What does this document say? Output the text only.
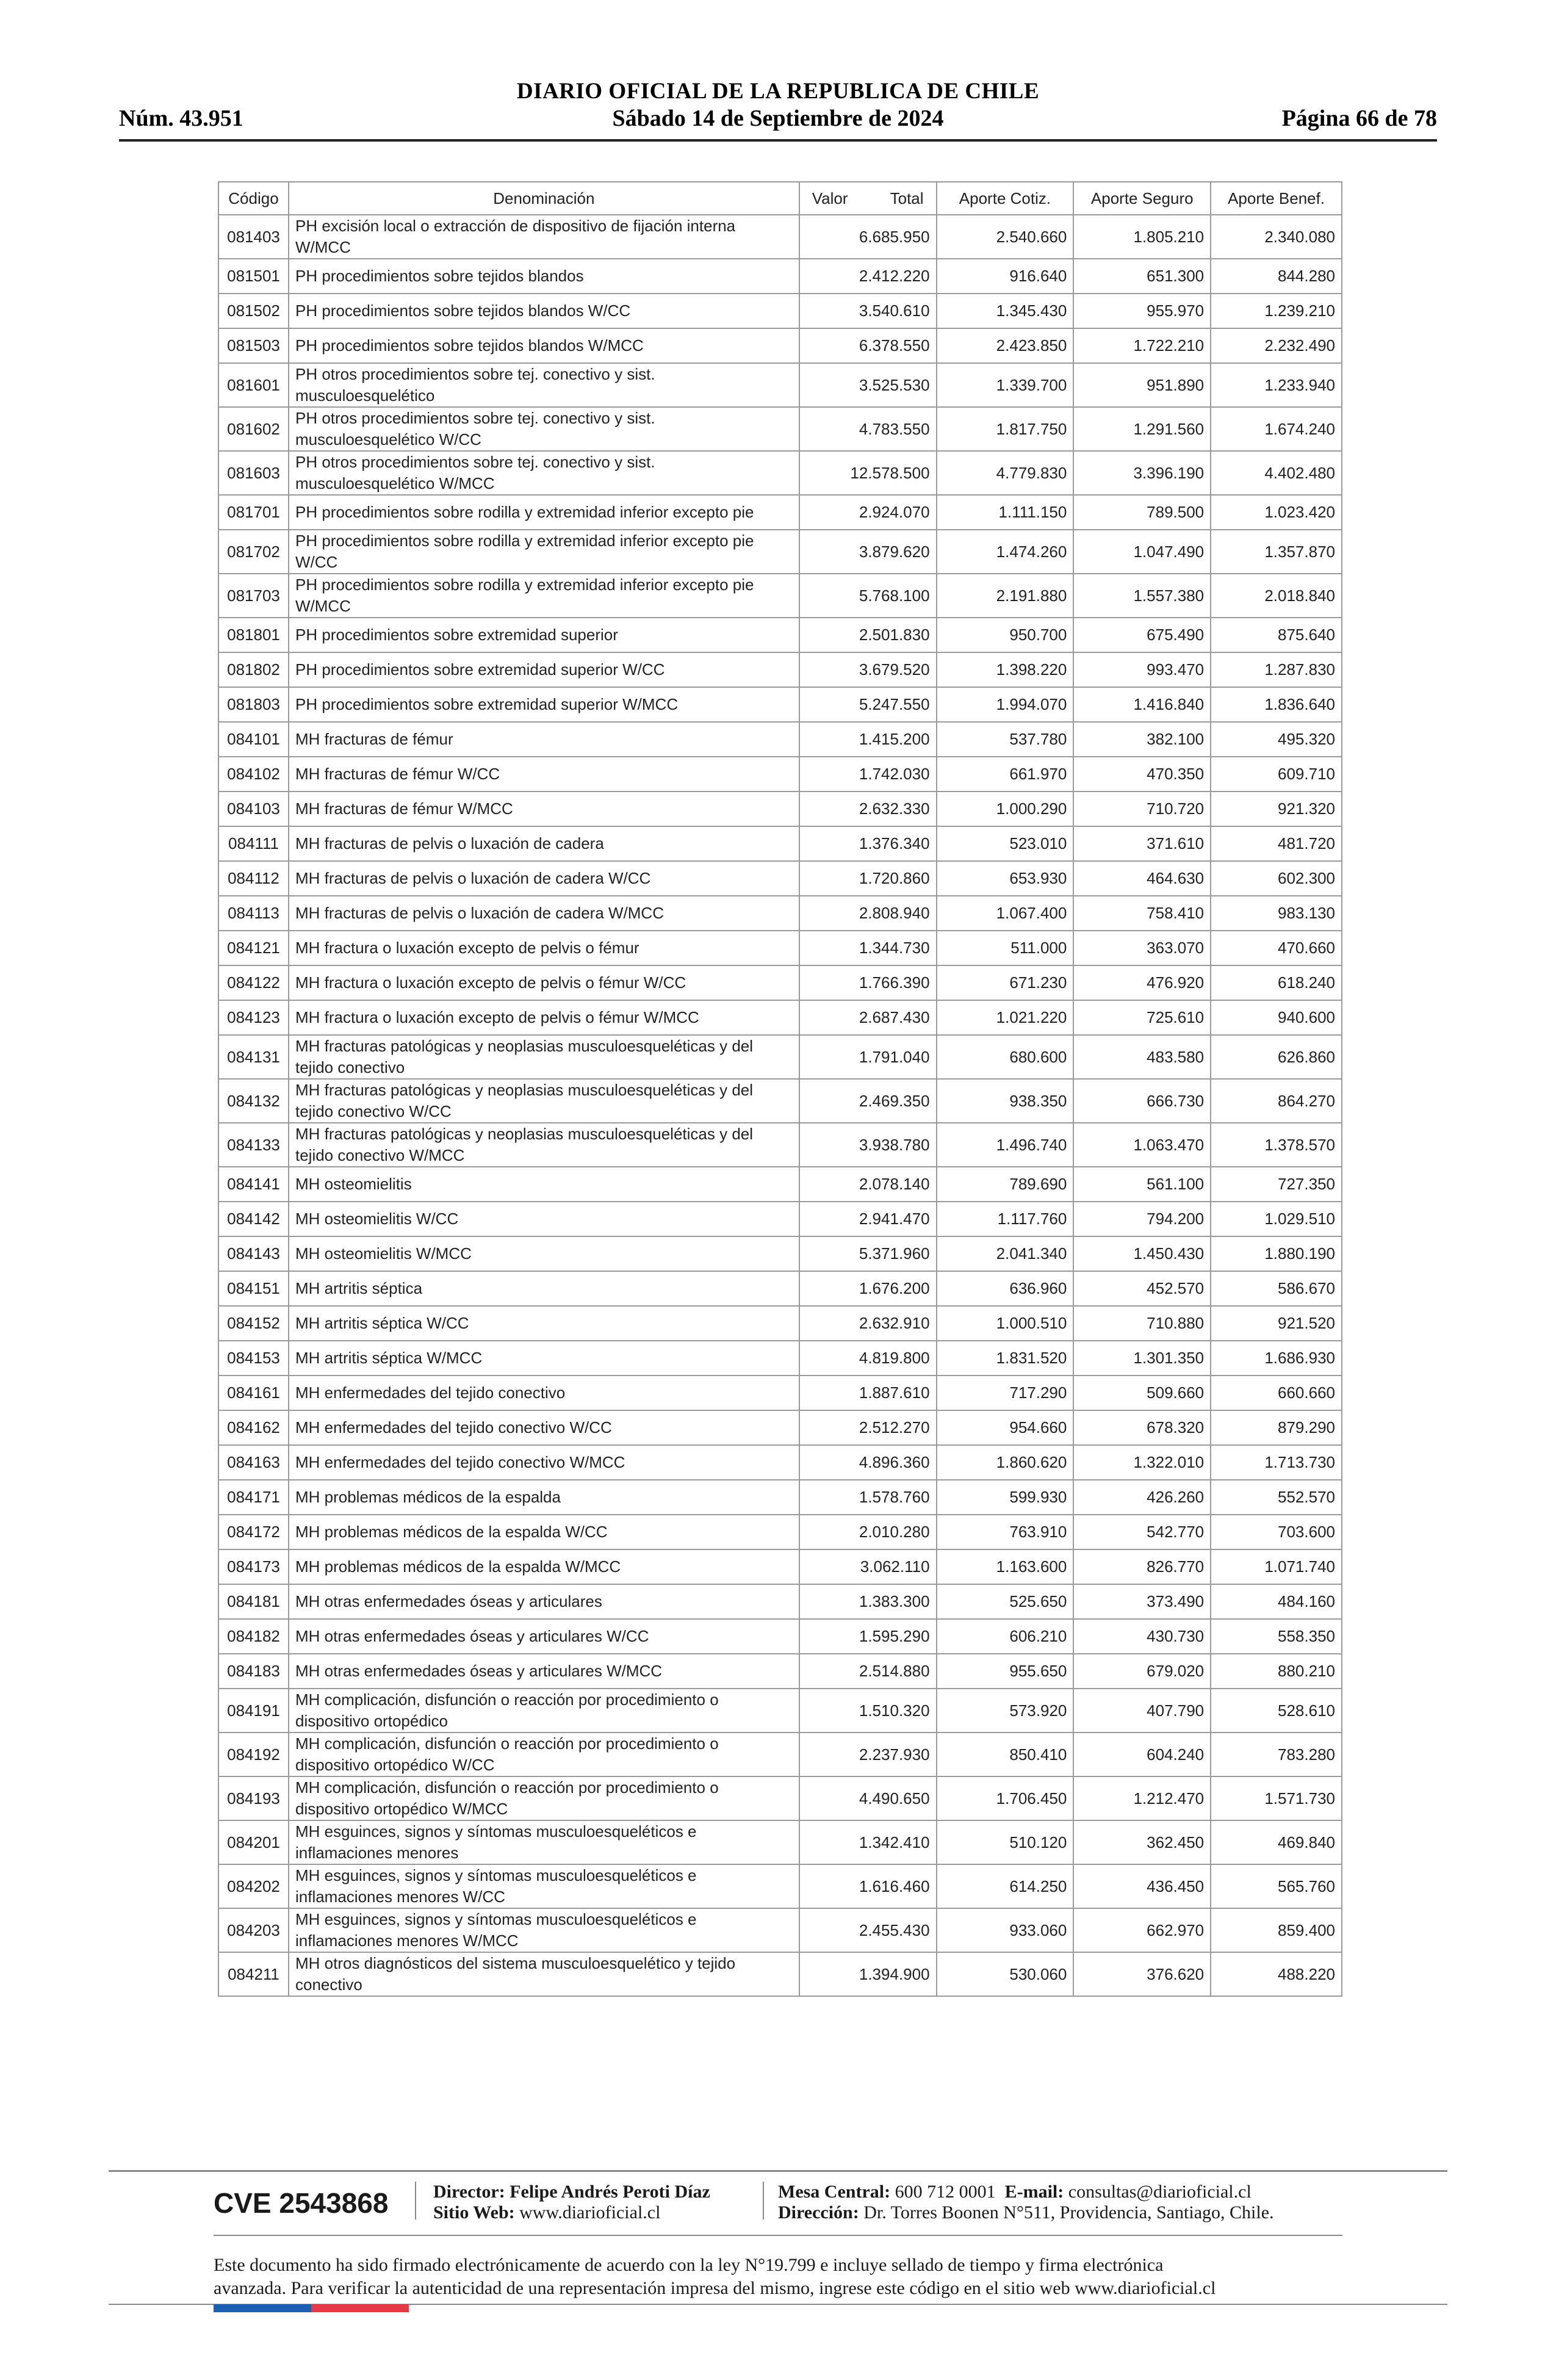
DIARIO OFICIAL DE LA REPUBLICA DE CHILE
Núm. 43.951	Sábado 14 de Septiembre de 2024	Página 66 de 78
Código	Denominación	Valor Total	Aporte Cotiz.	Aporte Seguro	Aporte Benef.
081403	PH excisión local o extracción de dispositivo de fijación interna W/MCC	6.685.950	2.540.660	1.805.210	2.340.080
081501	PH procedimientos sobre tejidos blandos	2.412.220	916.640	651.300	844.280
081502	PH procedimientos sobre tejidos blandos W/CC	3.540.610	1.345.430	955.970	1.239.210
081503	PH procedimientos sobre tejidos blandos W/MCC	6.378.550	2.423.850	1.722.210	2.232.490
081601	PH otros procedimientos sobre tej. conectivo y sist. musculoesquelético	3.525.530	1.339.700	951.890	1.233.940
081602	PH otros procedimientos sobre tej. conectivo y sist. musculoesquelético W/CC	4.783.550	1.817.750	1.291.560	1.674.240
081603	PH otros procedimientos sobre tej. conectivo y sist. musculoesquelético W/MCC	12.578.500	4.779.830	3.396.190	4.402.480
081701	PH procedimientos sobre rodilla y extremidad inferior excepto pie	2.924.070	1.111.150	789.500	1.023.420
081702	PH procedimientos sobre rodilla y extremidad inferior excepto pie W/CC	3.879.620	1.474.260	1.047.490	1.357.870
081703	PH procedimientos sobre rodilla y extremidad inferior excepto pie W/MCC	5.768.100	2.191.880	1.557.380	2.018.840
081801	PH procedimientos sobre extremidad superior	2.501.830	950.700	675.490	875.640
081802	PH procedimientos sobre extremidad superior W/CC	3.679.520	1.398.220	993.470	1.287.830
081803	PH procedimientos sobre extremidad superior W/MCC	5.247.550	1.994.070	1.416.840	1.836.640
084101	MH fracturas de fémur	1.415.200	537.780	382.100	495.320
084102	MH fracturas de fémur W/CC	1.742.030	661.970	470.350	609.710
084103	MH fracturas de fémur W/MCC	2.632.330	1.000.290	710.720	921.320
084111	MH fracturas de pelvis o luxación de cadera	1.376.340	523.010	371.610	481.720
084112	MH fracturas de pelvis o luxación de cadera W/CC	1.720.860	653.930	464.630	602.300
084113	MH fracturas de pelvis o luxación de cadera W/MCC	2.808.940	1.067.400	758.410	983.130
084121	MH fractura o luxación excepto de pelvis o fémur	1.344.730	511.000	363.070	470.660
084122	MH fractura o luxación excepto de pelvis o fémur W/CC	1.766.390	671.230	476.920	618.240
084123	MH fractura o luxación excepto de pelvis o fémur W/MCC	2.687.430	1.021.220	725.610	940.600
084131	MH fracturas patológicas y neoplasias musculoesqueléticas y del tejido conectivo	1.791.040	680.600	483.580	626.860
084132	MH fracturas patológicas y neoplasias musculoesqueléticas y del tejido conectivo W/CC	2.469.350	938.350	666.730	864.270
084133	MH fracturas patológicas y neoplasias musculoesqueléticas y del tejido conectivo W/MCC	3.938.780	1.496.740	1.063.470	1.378.570
084141	MH osteomielitis	2.078.140	789.690	561.100	727.350
084142	MH osteomielitis W/CC	2.941.470	1.117.760	794.200	1.029.510
084143	MH osteomielitis W/MCC	5.371.960	2.041.340	1.450.430	1.880.190
084151	MH artritis séptica	1.676.200	636.960	452.570	586.670
084152	MH artritis séptica W/CC	2.632.910	1.000.510	710.880	921.520
084153	MH artritis séptica W/MCC	4.819.800	1.831.520	1.301.350	1.686.930
084161	MH enfermedades del tejido conectivo	1.887.610	717.290	509.660	660.660
084162	MH enfermedades del tejido conectivo W/CC	2.512.270	954.660	678.320	879.290
084163	MH enfermedades del tejido conectivo W/MCC	4.896.360	1.860.620	1.322.010	1.713.730
084171	MH problemas médicos de la espalda	1.578.760	599.930	426.260	552.570
084172	MH problemas médicos de la espalda W/CC	2.010.280	763.910	542.770	703.600
084173	MH problemas médicos de la espalda W/MCC	3.062.110	1.163.600	826.770	1.071.740
084181	MH otras enfermedades óseas y articulares	1.383.300	525.650	373.490	484.160
084182	MH otras enfermedades óseas y articulares W/CC	1.595.290	606.210	430.730	558.350
084183	MH otras enfermedades óseas y articulares W/MCC	2.514.880	955.650	679.020	880.210
084191	MH complicación, disfunción o reacción por procedimiento o dispositivo ortopédico	1.510.320	573.920	407.790	528.610
084192	MH complicación, disfunción o reacción por procedimiento o dispositivo ortopédico W/CC	2.237.930	850.410	604.240	783.280
084193	MH complicación, disfunción o reacción por procedimiento o dispositivo ortopédico W/MCC	4.490.650	1.706.450	1.212.470	1.571.730
084201	MH esguinces, signos y síntomas musculoesqueléticos e inflamaciones menores	1.342.410	510.120	362.450	469.840
084202	MH esguinces, signos y síntomas musculoesqueléticos e inflamaciones menores W/CC	1.616.460	614.250	436.450	565.760
084203	MH esguinces, signos y síntomas musculoesqueléticos e inflamaciones menores W/MCC	2.455.430	933.060	662.970	859.400
084211	MH otros diagnósticos del sistema musculoesquelético y tejido conectivo	1.394.900	530.060	376.620	488.220
CVE 2543868 Director: Felipe Andrés Peroti Díaz
Sitio Web: www.diarioficial.cl
Mesa Central: 600 712 0001 E-mail: consultas@diarioficial.cl
Dirección: Dr. Torres Boonen N°511, Providencia, Santiago, Chile.
Este documento ha sido firmado electrónicamente de acuerdo con la ley N°19.799 e incluye sellado de tiempo y firma electrónica
avanzada. Para verificar la autenticidad de una representación impresa del mismo, ingrese este código en el sitio web www.diarioficial.cl
